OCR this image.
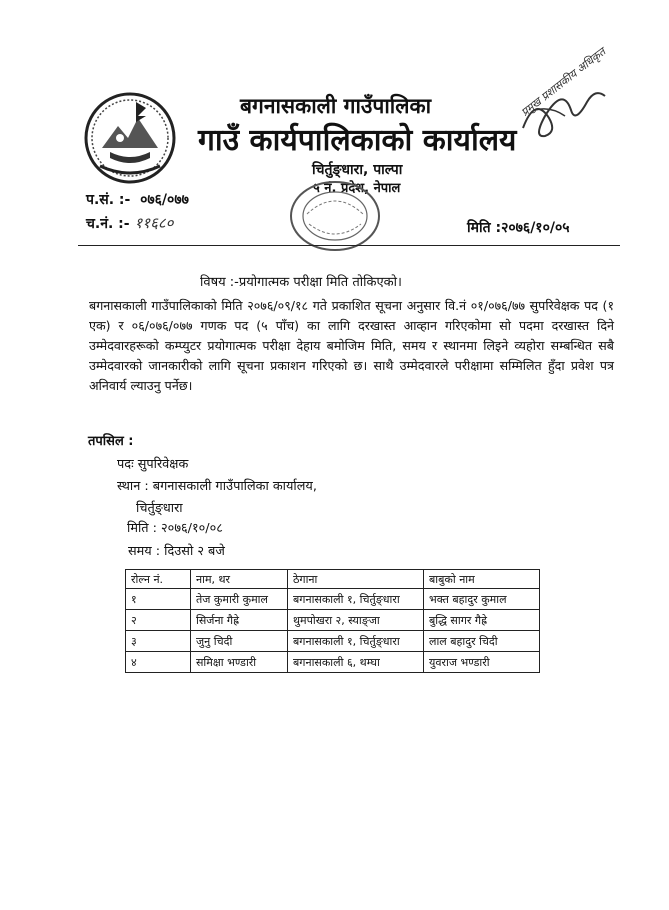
बगनासकाली गाउँपालिका
गाउँ कार्यपालिकाको कार्यालय
चिर्तुङ्धारा, पाल्पा
५ नं. प्रदेश, नेपाल
प्रमुख प्रशासकीय अधिकृत
प.सं. :- ०७६/०७७
च.नं. :- ११६८०	मिति :२०७६/१०/०५
विषय :-प्रयोगात्मक परीक्षा मिति तोकिएको।
बगनासकाली गाउँपालिकाको मिति २०७६/०९/१८ गते प्रकाशित सूचना अनुसार वि.नं ०१/०७६/७७ सुपरिवेक्षक पद (१ एक) र ०६/०७६/०७७ गणक पद (५ पाँच) का लागि दरखास्त आव्हान गरिएकोमा सो पदमा दरखास्त दिने उम्मेदवारहरूको कम्प्युटर प्रयोगात्मक परीक्षा देहाय बमोजिम मिति, समय र स्थानमा लिइने व्यहोरा सम्बन्धित सबै उम्मेदवारको जानकारीको लागि सूचना प्रकाशन गरिएको छ। साथै उम्मेदवारले परीक्षामा सम्मिलित हुँदा प्रवेश पत्र अनिवार्य ल्याउनु पर्नेछ।
तपसिल :
पदः सुपरिवेक्षक
स्थान : बगनासकाली गाउँपालिका कार्यालय,
चिर्तुङ्धारा
मिति : २०७६/१०/०८
समय : दिउसो २ बजे
रोल्न नं.	नाम, थर	ठेगाना	बाबुको नाम
१	तेज कुमारी कुमाल	बगनासकाली १, चिर्तुङ्धारा	भक्त बहादुर कुमाल
२	सिर्जना गैह्रे	थुमपोखरा २, स्याङ्जा	बुद्धि सागर गैह्रे
३	जुनु चिदी	बगनासकाली १, चिर्तुङ्धारा	लाल बहादुर चिदी
४	समिक्षा भण्डारी	बगनासकाली ६, थम्घा	युवराज भण्डारी
